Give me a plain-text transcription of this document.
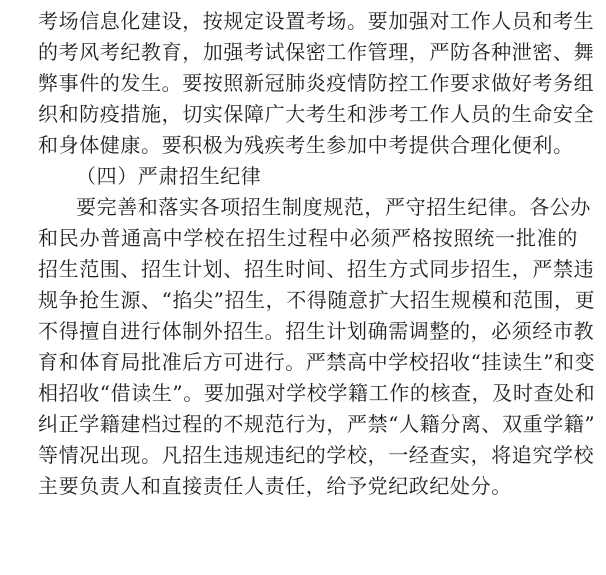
考场信息化建设，按规定设置考场。要加强对工作人员和考生
的考风考纪教育，加强考试保密工作管理，严防各种泄密、舞
弊事件的发生。要按照新冠肺炎疫情防控工作要求做好考务组
织和防疫措施，切实保障广大考生和涉考工作人员的生命安全
和身体健康。要积极为残疾考生参加中考提供合理化便利。
（四）严肃招生纪律
要完善和落实各项招生制度规范，严守招生纪律。各公办
和民办普通高中学校在招生过程中必须严格按照统一批准的
招生范围、招生计划、招生时间、招生方式同步招生，严禁违
规争抢生源、“掐尖”招生，不得随意扩大招生规模和范围，更
不得擅自进行体制外招生。招生计划确需调整的，必须经市教
育和体育局批准后方可进行。严禁高中学校招收“挂读生”和变
相招收“借读生”。要加强对学校学籍工作的核查，及时查处和
纠正学籍建档过程的不规范行为，严禁“人籍分离、双重学籍”
等情况出现。凡招生违规违纪的学校，一经查实，将追究学校
主要负责人和直接责任人责任，给予党纪政纪处分。
